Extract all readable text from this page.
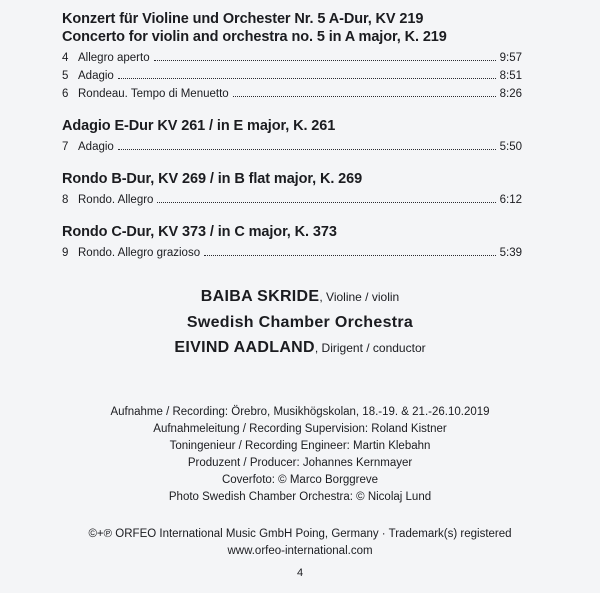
Konzert für Violine und Orchester Nr. 5 A-Dur, KV 219
Concerto for violin and orchestra no. 5 in A major, K. 219
4 Allegro aperto	9:57
5 Adagio	8:51
6 Rondeau. Tempo di Menuetto	8:26
Adagio E-Dur KV 261 / in E major, K. 261
7 Adagio	5:50
Rondo B-Dur, KV 269 / in B flat major, K. 269
8 Rondo. Allegro	6:12
Rondo C-Dur, KV 373 / in C major, K. 373
9 Rondo. Allegro grazioso	5:39
BAIBA SKRIDE, Violine / violin
Swedish Chamber Orchestra
EIVIND AADLAND, Dirigent / conductor
Aufnahme / Recording: Örebro, Musikhögskolan, 18.-19. & 21.-26.10.2019
Aufnahmeleitung / Recording Supervision: Roland Kistner
Toningenieur / Recording Engineer: Martin Klebahn
Produzent / Producer: Johannes Kernmayer
Coverfoto: © Marco Borggreve
Photo Swedish Chamber Orchestra: © Nicolaj Lund
©+℗ ORFEO International Music GmbH Poing, Germany · Trademark(s) registered
www.orfeo-international.com
4
